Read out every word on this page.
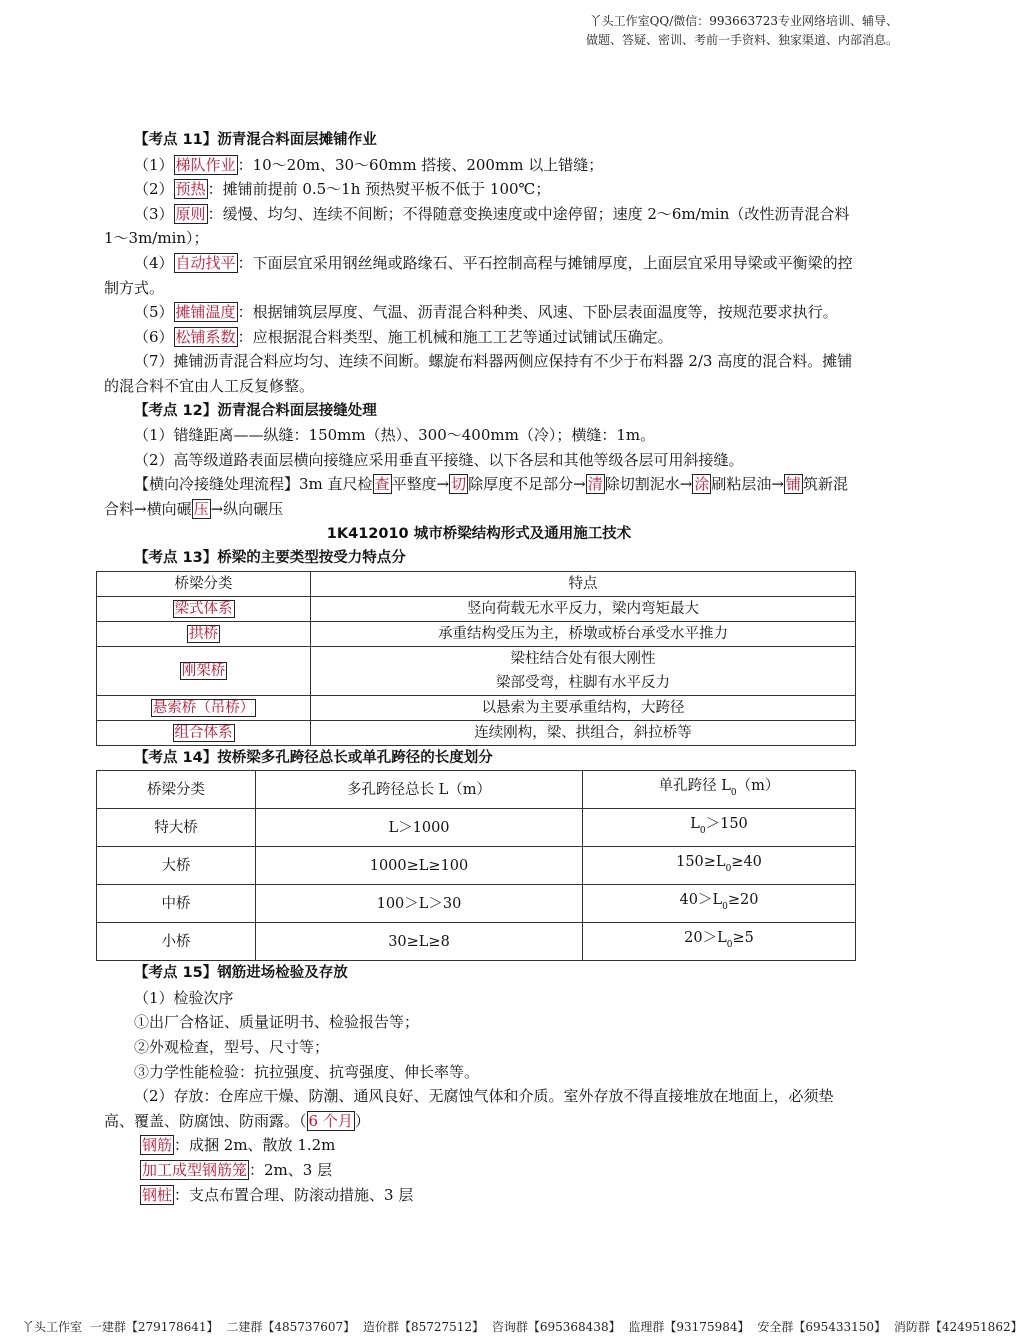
丫头工作室QQ/微信：993663723专业网络培训、辅导、
做题、答疑、密训、考前一手资料、独家渠道、内部消息。

【考点 11】沥青混合料面层摊铺作业

（1） 梯队作业 ：10～20m、30～60mm 搭接、200mm 以上错缝；

（2） 预热 ：摊铺前提前 0.5～1h 预热熨平板不低于 100℃；

（3） 原则 ：缓慢、均匀、连续不间断；不得随意变换速度或中途停留；速度 2～6m/min（改性沥青混合料 1～3m/min）；

（4） 自动找平 ：下面层宜采用钢丝绳或路缘石、平石控制高程与摊铺厚度，上面层宜采用导梁或平衡梁的控制方式。

（5） 摊铺温度 ：根据铺筑层厚度、气温、沥青混合料种类、风速、下卧层表面温度等，按规范要求执行。

（6） 松铺系数 ：应根据混合料类型、施工机械和施工工艺等通过试铺试压确定。

（7）摊铺沥青混合料应均匀、连续不间断。螺旋布料器两侧应保持有不少于布料器 2/3 高度的混合料。摊铺的混合料不宜由人工反复修整。

【考点 12】沥青混合料面层接缝处理

（1）错缝距离——纵缝：150mm（热）、300～400mm（冷）；横缝：1m。

（2）高等级道路表面层横向接缝应采用垂直平接缝、以下各层和其他等级各层可用斜接缝。

【横向冷接缝处理流程】3m 直尺检 查 平整度→ 切 除厚度不足部分→ 清 除切割泥水→ 涂 刷粘层油→ 铺 筑新混合料→横向碾 压 →纵向碾压

1K412010 城市桥梁结构形式及通用施工技术

【考点 13】桥梁的主要类型按受力特点分

桥梁分类	特点
梁式体系	竖向荷载无水平反力，梁内弯矩最大
拱桥	承重结构受压为主，桥墩或桥台承受水平推力
刚架桥	梁柱结合处有很大刚性
梁部受弯，柱脚有水平反力

悬索桥（吊桥）	以悬索为主要承重结构，大跨径
组合体系	连续刚构，梁、拱组合，斜拉桥等

【考点 14】按桥梁多孔跨径总长或单孔跨径的长度划分

桥梁分类	多孔跨径总长 L（m）	单孔跨径 $L_0(m)$
特大桥	L＞1000	$L_0>150$
大桥	1000≥L≥100	$150\ge L_0\ge 40$
中桥	100＞L＞30	$40>L_0\ge 20$
小桥	30≥L≥8	$20>L_0\ge 5$

【考点 15】钢筋进场检验及存放

（1）检验次序

①出厂合格证、质量证明书、检验报告等；

②外观检查，型号、尺寸等；

③力学性能检验：抗拉强度、抗弯强度、伸长率等。

（2）存放：仓库应干燥、防潮、通风良好、无腐蚀气体和介质。室外存放不得直接堆放在地面上，必须垫高、覆盖、防腐蚀、防雨露。（ 6 个月 ）

钢筋 ：成捆 2m、散放 1.2m

加工成型钢筋笼 ：2m、3 层

钢桩 ：支点布置合理、防滚动措施、3 层

丫头工作室 一建群【279178641】 二建群【485737607】 造价群【85727512】 咨询群【695368438】 监理群【93175984】 安全群【695433150】 消防群【424951862】
